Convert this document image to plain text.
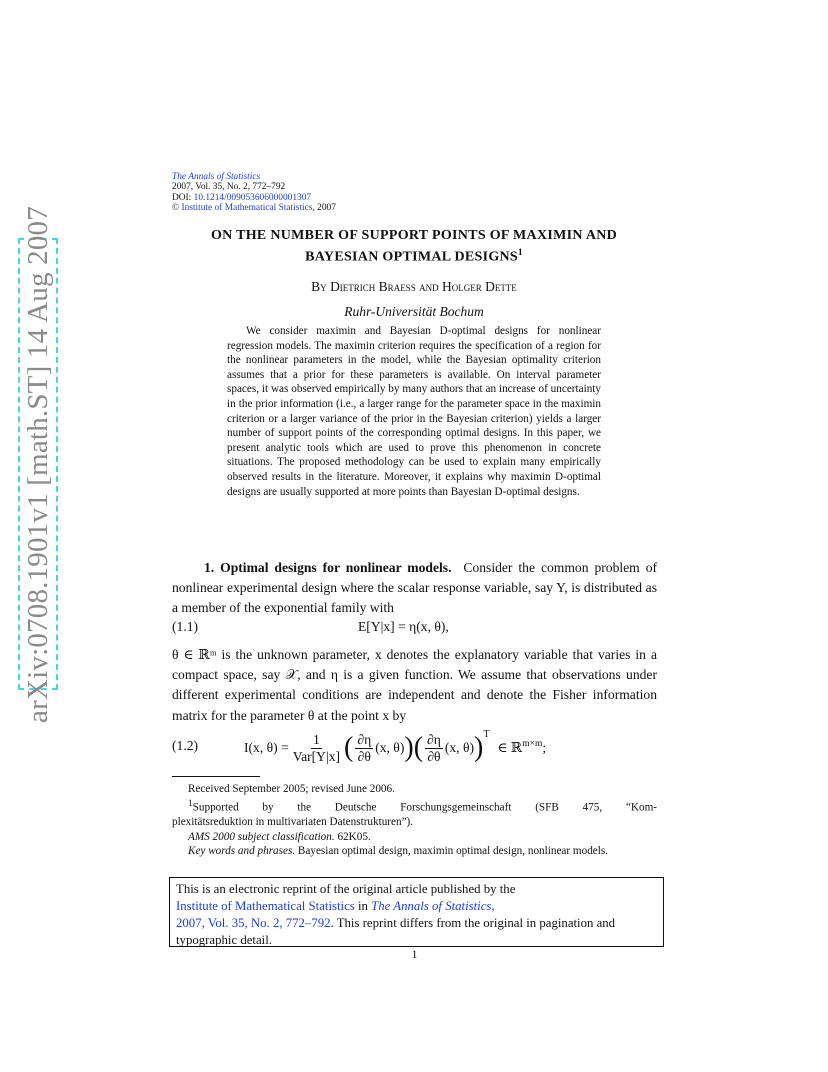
arXiv:0708.1901v1 [math.ST] 14 Aug 2007
The Annals of Statistics
2007, Vol. 35, No. 2, 772–792
DOI: 10.1214/009053606000001307
© Institute of Mathematical Statistics, 2007
ON THE NUMBER OF SUPPORT POINTS OF MAXIMIN AND
BAYESIAN OPTIMAL DESIGNS$^1$
By Dietrich Braess and Holger Dette
Ruhr-Universität Bochum

We consider maximin and Bayesian D-optimal designs for nonlinear regression models. The maximin criterion requires the specification of a region for the nonlinear parameters in the model, while the Bayesian optimality criterion assumes that a prior for these parameters is available. On interval parameter spaces, it was observed empirically by many authors that an increase of uncertainty in the prior information (i.e., a larger range for the parameter space in the maximin criterion or a larger variance of the prior in the Bayesian criterion) yields a larger number of support points of the corresponding optimal designs. In this paper, we present analytic tools which are used to prove this phenomenon in concrete situations. The proposed methodology can be used to explain many empirically observed results in the literature. Moreover, it explains why maximin D-optimal designs are usually supported at more points than Bayesian D-optimal designs.

1. Optimal designs for nonlinear models. Consider the common problem of nonlinear experimental design where the scalar response variable, say Y, is distributed as a member of the exponential family with

(1.1)	E[Y|x] = η(x, θ),

θ ∈ ℝᵐ is the unknown parameter, x denotes the explanatory variable that varies in a compact space, say 𝒳, and η is a given function. We assume that observations under different experimental conditions are independent and denote the Fisher information matrix for the parameter θ at the point x by

(1.2)	I(x, $\theta) = \frac{1}{\text{Var[Y|x]}}$ ( $\frac{\partial\eta}{\partial\theta} (x$, θ) ) ( $\frac{\partial\eta}{\partial\theta} (x$, θ) )$^T$
∈ ℝ$^{m\times m}$ ;

Received September 2005; revised June 2006.

$^1$Supported by the Deutsche Forschungsgemeinschaft (SFB 475, “Kom-

plexitätsreduktion in multivariaten Datenstrukturen”).

AMS 2000 subject classification. 62K05.

Key words and phrases. Bayesian optimal design, maximin optimal design, nonlinear models.

This is an electronic reprint of the original article published by the

Institute of Mathematical Statistics in The Annals of Statistics,

2007, Vol. 35, No. 2, 772–792. This reprint differs from the original in pagination and typographic detail.

1
